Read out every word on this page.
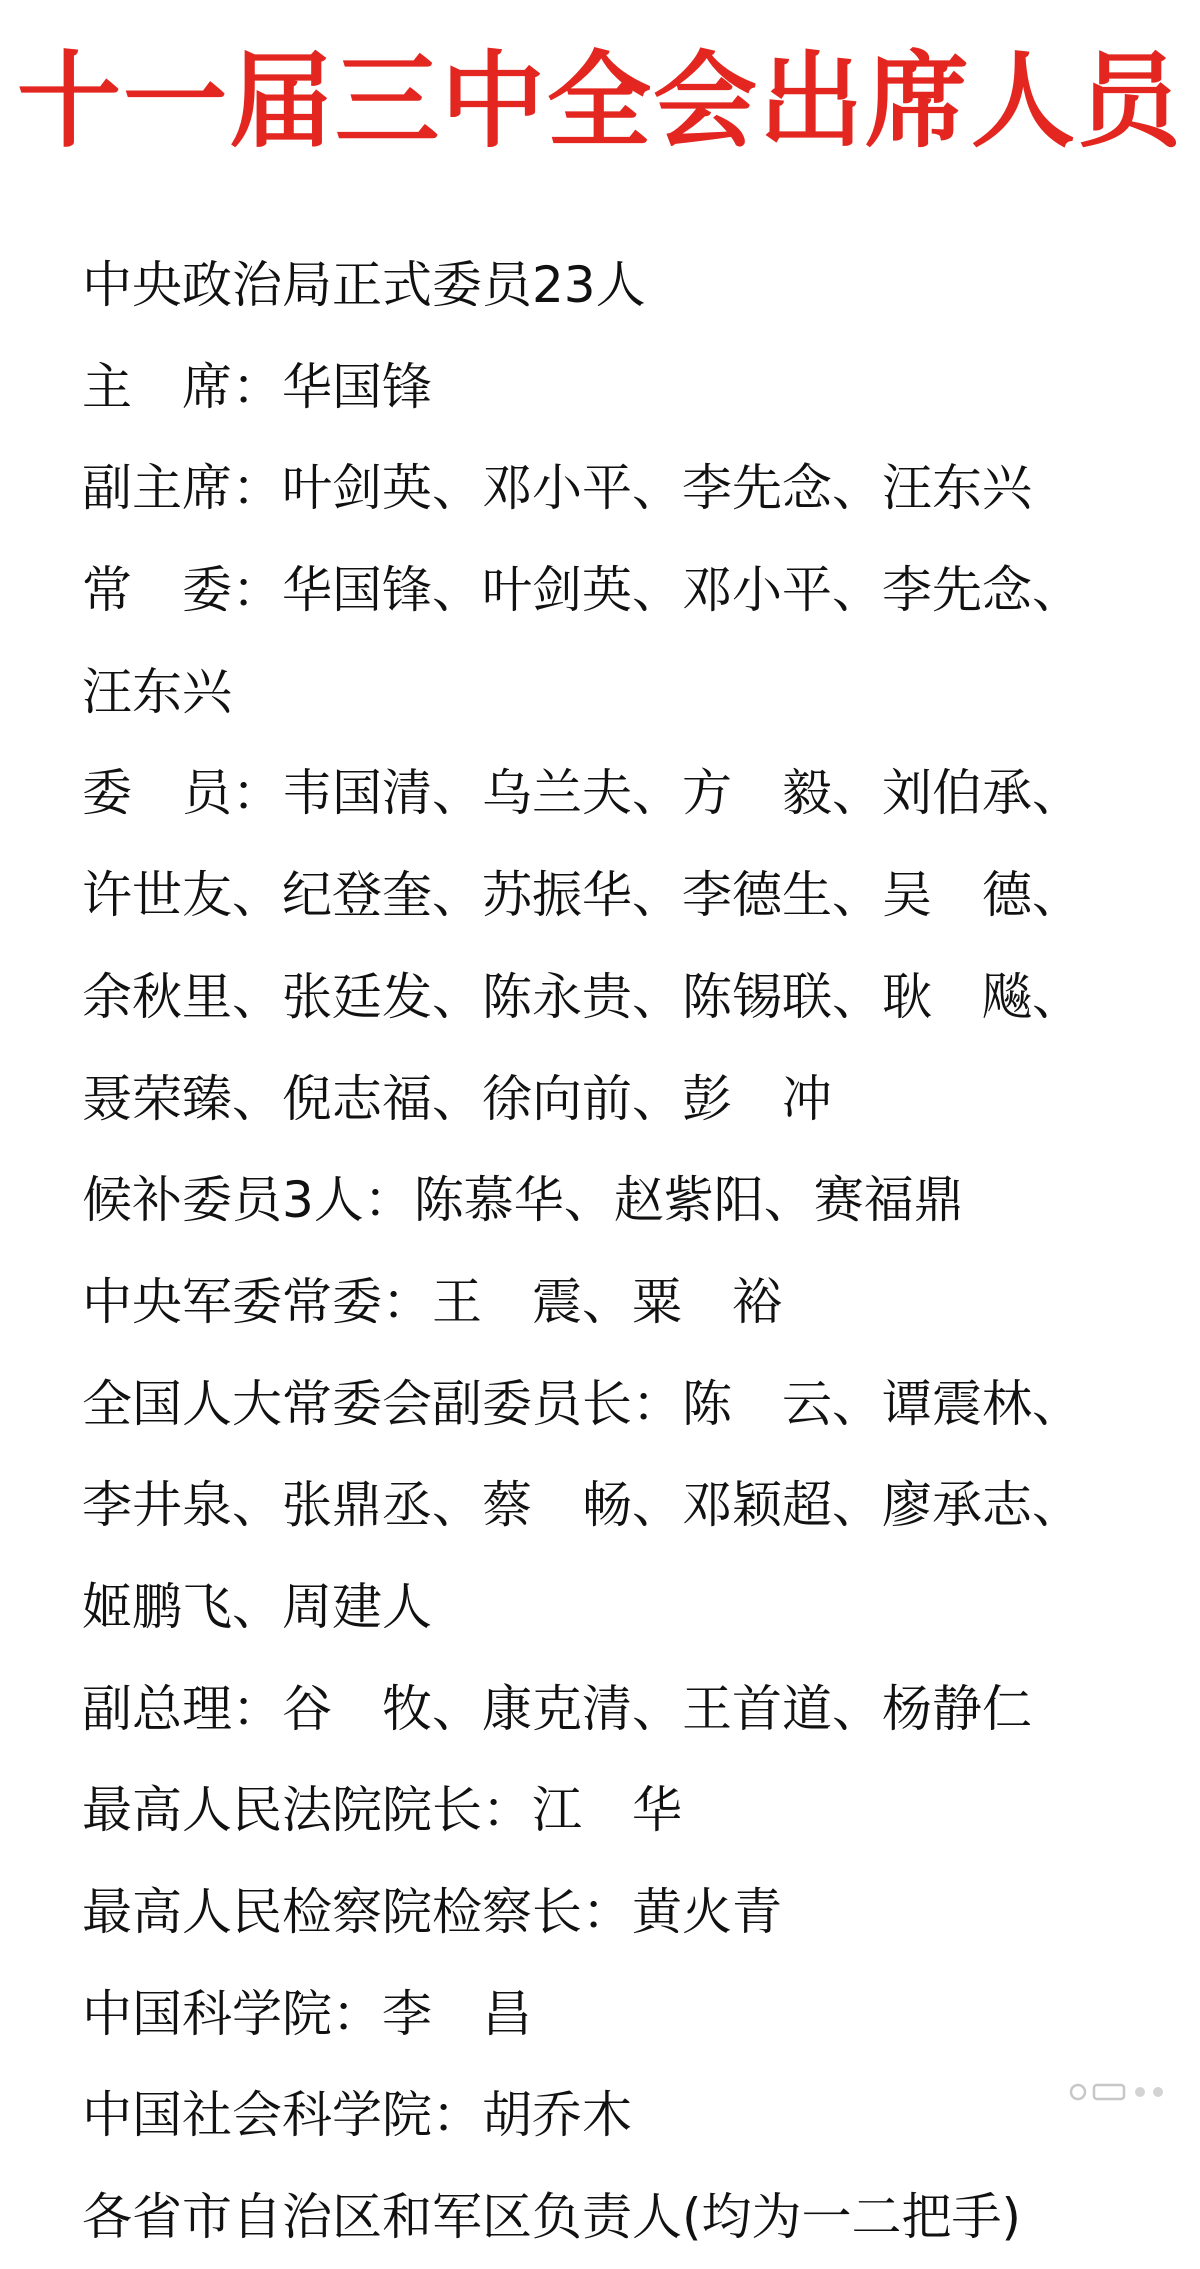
十一届三中全会出席人员
中央政治局正式委员23人
主　席：华国锋
副主席：叶剑英、邓小平、李先念、汪东兴
常　委：华国锋、叶剑英、邓小平、李先念、
汪东兴
委　员：韦国清、乌兰夫、方　毅、刘伯承、
许世友、纪登奎、苏振华、李德生、吴　德、
余秋里、张廷发、陈永贵、陈锡联、耿　飚、
聂荣臻、倪志福、徐向前、彭　冲
候补委员3人：陈慕华、赵紫阳、赛福鼎
中央军委常委：王　震、粟　裕
全国人大常委会副委员长：陈　云、谭震林、
李井泉、张鼎丞、蔡　畅、邓颖超、廖承志、
姬鹏飞、周建人
副总理：谷　牧、康克清、王首道、杨静仁
最高人民法院院长：江　华
最高人民检察院检察长：黄火青
中国科学院：李　昌
中国社会科学院：胡乔木
各省市自治区和军区负责人(均为一二把手)
